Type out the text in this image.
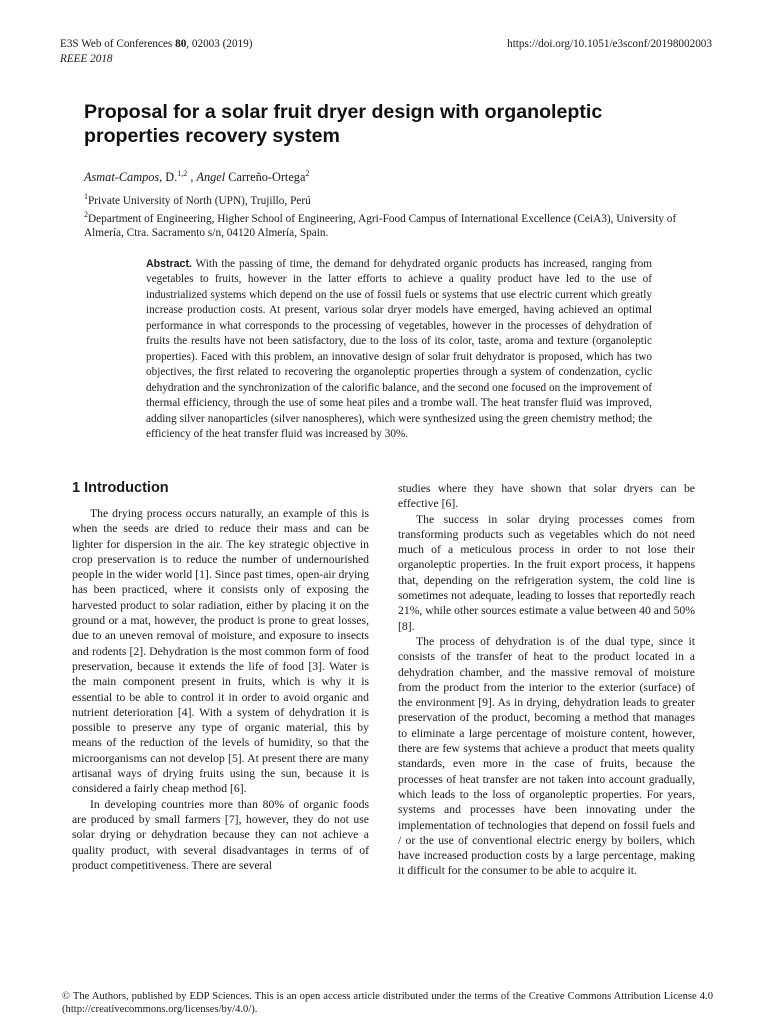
E3S Web of Conferences 80, 02003 (2019)
REEE 2018
https://doi.org/10.1051/e3sconf/20198002003
Proposal for a solar fruit dryer design with organoleptic properties recovery system
Asmat-Campos, D.$^{1,2}$ , Angel Carreño-Ortega$^2$
$^1$Private University of North (UPN), Trujillo, Perú
$^2$Department of Engineering, Higher School of Engineering, Agri-Food Campus of International Excellence (CeiA3), University of Almería, Ctra. Sacramento s/n, 04120 Almería, Spain.
Abstract. With the passing of time, the demand for dehydrated organic products has increased, ranging from vegetables to fruits, however in the latter efforts to achieve a quality product have led to the use of industrialized systems which depend on the use of fossil fuels or systems that use electric current which greatly increase production costs. At present, various solar dryer models have emerged, having achieved an optimal performance in what corresponds to the processing of vegetables, however in the processes of dehydration of fruits the results have not been satisfactory, due to the loss of its color, taste, aroma and texture (organoleptic properties). Faced with this problem, an innovative design of solar fruit dehydrator is proposed, which has two objectives, the first related to recovering the organoleptic properties through a system of condenzation, cyclic dehydration and the synchronization of the calorific balance, and the second one focused on the improvement of thermal efficiency, through the use of some heat piles and a trombe wall. The heat transfer fluid was improved, adding silver nanoparticles (silver nanospheres), which were synthesized using the green chemistry method; the efficiency of the heat transfer fluid was increased by 30%.
1 Introduction

The drying process occurs naturally, an example of this is when the seeds are dried to reduce their mass and can be lighter for dispersion in the air. The key strategic objective in crop preservation is to reduce the number of undernourished people in the wider world [1]. Since past times, open-air drying has been practiced, where it consists only of exposing the harvested product to solar radiation, either by placing it on the ground or a mat, however, the product is prone to great losses, due to an uneven removal of moisture, and exposure to insects and rodents [2]. Dehydration is the most common form of food preservation, because it extends the life of food [3]. Water is the main component present in fruits, which is why it is essential to be able to control it in order to avoid organic and nutrient deterioration [4]. With a system of dehydration it is possible to preserve any type of organic material, this by means of the reduction of the levels of humidity, so that the microorganisms can not develop [5]. At present there are many artisanal ways of drying fruits using the sun, because it is considered a fairly cheap method [6].

In developing countries more than 80% of organic foods are produced by small farmers [7], however, they do not use solar drying or dehydration because they can not achieve a quality product, with several disadvantages in terms of of product competitiveness. There are several

studies where they have shown that solar dryers can be effective [6].

The success in solar drying processes comes from transforming products such as vegetables which do not need much of a meticulous process in order to not lose their organoleptic properties. In the fruit export process, it happens that, depending on the refrigeration system, the cold line is sometimes not adequate, leading to losses that reportedly reach 21%, while other sources estimate a value between 40 and 50% [8].

The process of dehydration is of the dual type, since it consists of the transfer of heat to the product located in a dehydration chamber, and the massive removal of moisture from the product from the interior to the exterior (surface) of the environment [9]. As in drying, dehydration leads to greater preservation of the product, becoming a method that manages to eliminate a large percentage of moisture content, however, there are few systems that achieve a product that meets quality standards, even more in the case of fruits, because the processes of heat transfer are not taken into account gradually, which leads to the loss of organoleptic properties. For years, systems and processes have been innovating under the implementation of technologies that depend on fossil fuels and / or the use of conventional electric energy by boilers, which have increased production costs by a large percentage, making it difficult for the consumer to be able to acquire it.

© The Authors, published by EDP Sciences. This is an open access article distributed under the terms of the Creative Commons Attribution License 4.0 (http://creativecommons.org/licenses/by/4.0/).
